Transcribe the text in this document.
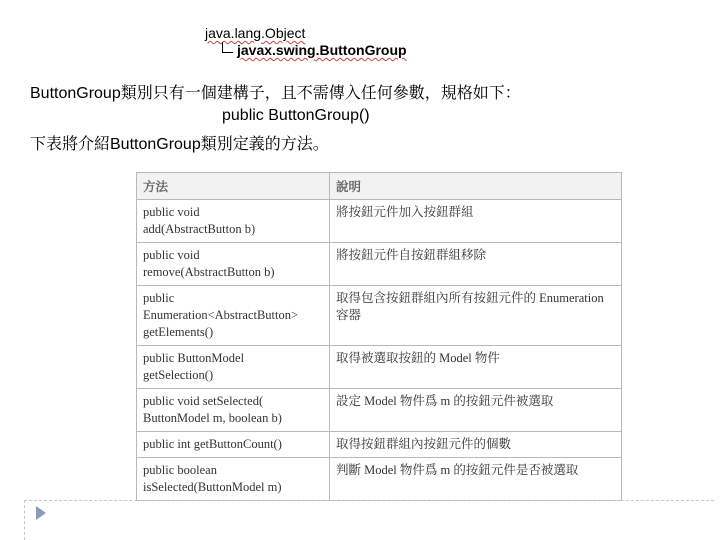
java.lang.Object
javax.swing.ButtonGroup
ButtonGroup類別只有一個建構子，且不需傳入任何參數，規格如下：
public ButtonGroup()
下表將介紹ButtonGroup類別定義的方法。
方法	說明
public void
add(AbstractButton b)	將按鈕元件加入按鈕群組
public void
remove(AbstractButton b)	將按鈕元件自按鈕群組移除
public
Enumeration<AbstractButton>
getElements()	取得包含按鈕群組內所有按鈕元件的 Enumeration 容器
public ButtonModel
getSelection()	取得被選取按鈕的 Model 物件
public void setSelected(
ButtonModel m, boolean b)	設定 Model 物件爲 m 的按鈕元件被選取
public int getButtonCount()	取得按鈕群組內按鈕元件的個數
public boolean
isSelected(ButtonModel m)	判斷 Model 物件爲 m 的按鈕元件是否被選取
